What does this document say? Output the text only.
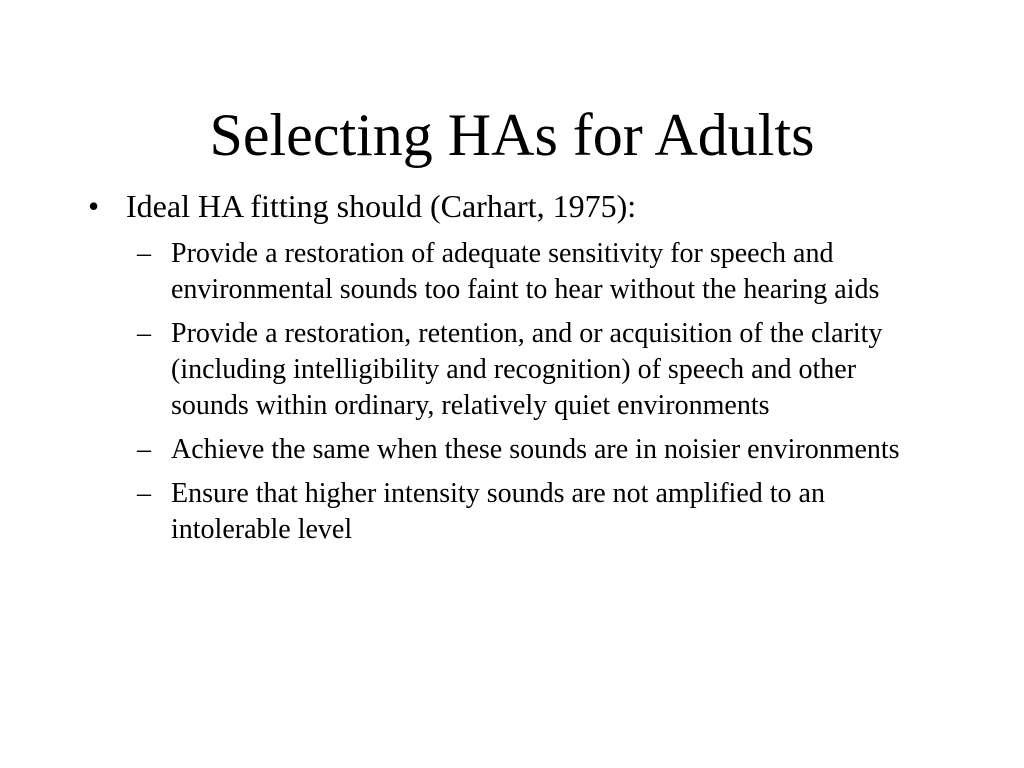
Selecting HAs for Adults
• Ideal HA fitting should (Carhart, 1975):
– Provide a restoration of adequate sensitivity for speech and environmental sounds too faint to hear without the hearing aids
– Provide a restoration, retention, and or acquisition of the clarity (including intelligibility and recognition) of speech and other sounds within ordinary, relatively quiet environments
– Achieve the same when these sounds are in noisier environments
– Ensure that higher intensity sounds are not amplified to an intolerable level
